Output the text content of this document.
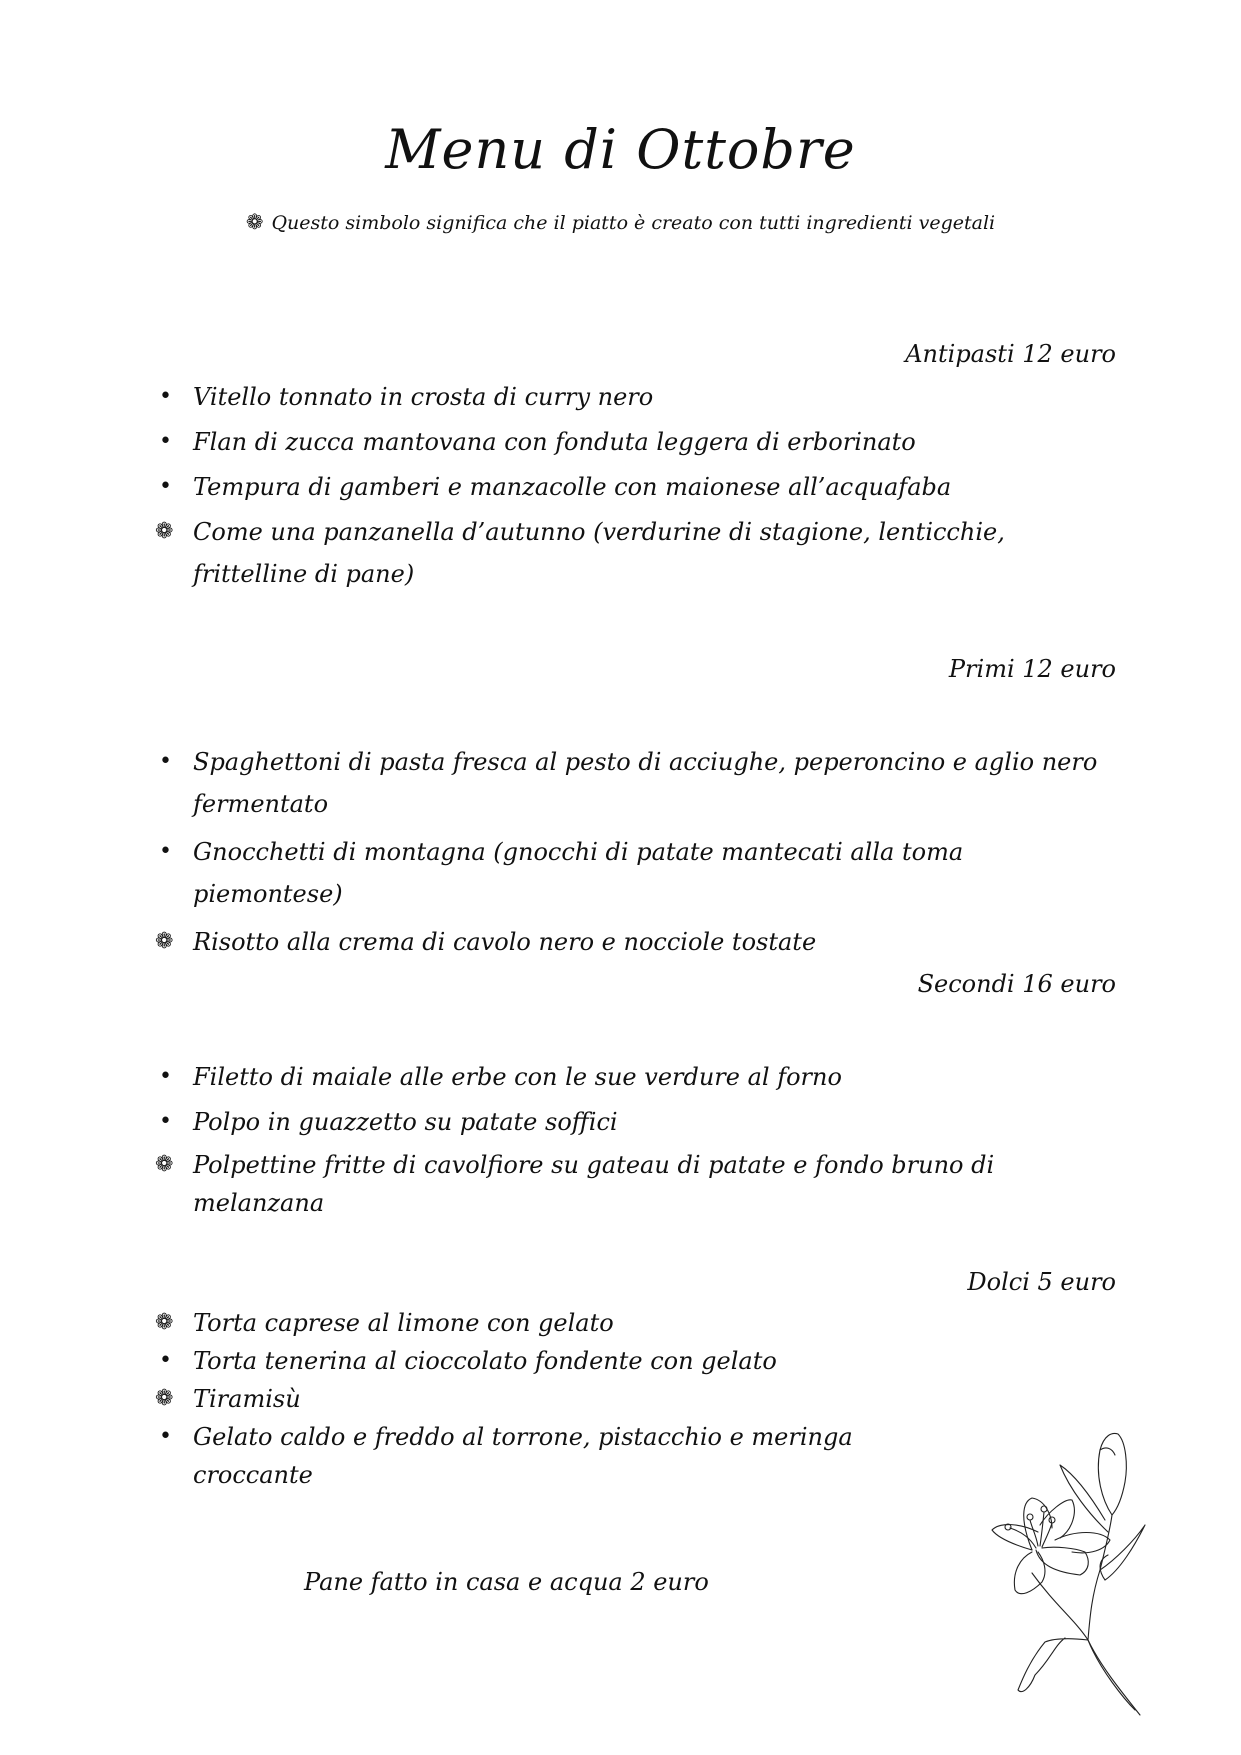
Menu di Ottobre
❁ Questo simbolo significa che il piatto è creato con tutti ingredienti vegetali
Antipasti 12 euro
• Vitello tonnato in crosta di curry nero
• Flan di zucca mantovana con fonduta leggera di erborinato
• Tempura di gamberi e manzacolle con maionese all’acquafaba
❁ Come una panzanella d’autunno (verdurine di stagione, lenticchie, frittelline di pane)
Primi 12 euro
• Spaghettoni di pasta fresca al pesto di acciughe, peperoncino e aglio nero fermentato
• Gnocchetti di montagna (gnocchi di patate mantecati alla toma piemontese)
❁ Risotto alla crema di cavolo nero e nocciole tostate
Secondi 16 euro
• Filetto di maiale alle erbe con le sue verdure al forno
• Polpo in guazzetto su patate soffici
❁ Polpettine fritte di cavolfiore su gateau di patate e fondo bruno di melanzana
Dolci 5 euro
❁ Torta caprese al limone con gelato
• Torta tenerina al cioccolato fondente con gelato
❁ Tiramisù
• Gelato caldo e freddo al torrone, pistacchio e meringa croccante
Pane fatto in casa e acqua 2 euro
